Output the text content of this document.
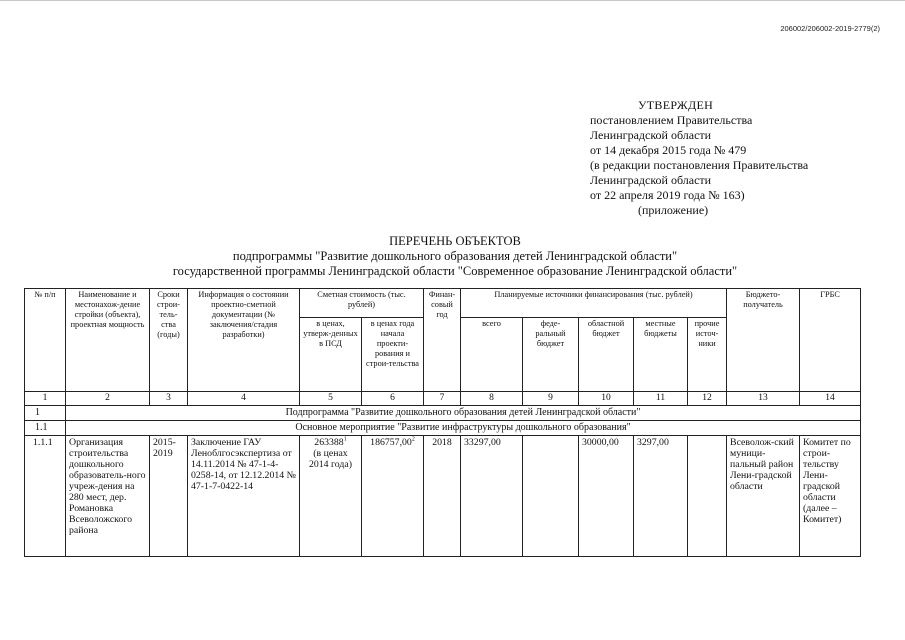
206002/206002-2019-2779(2)
УТВЕРЖДЕН
постановлением Правительства
Ленинградской области
от 14 декабря 2015 года № 479
(в редакции постановления Правительства
Ленинградской области
от 22 апреля 2019 года № 163)
(приложение)
ПЕРЕЧЕНЬ ОБЪЕКТОВ
подпрограммы "Развитие дошкольного образования детей Ленинградской области"
государственной программы Ленинградской области "Современное образование Ленинградской области"
№ п/п	Наименование и местонахож-дение стройки (объекта), проектная мощность	Сроки строи-тель-ства (годы)	Информация о состоянии проектно-сметной документации (№ заключения/стадия разработки)	Сметная стоимость (тыс. рублей)		Финан-совый год	Планируемые источники финансирования (тыс. рублей)					Бюджето-получатель	ГРБС
				в ценах, утверж-денных в ПСД	в ценах года начала проекти-рования и строи-тельства		всего	феде-ральный бюджет	областной бюджет	местные бюджеты	прочие источ-ники		
1	2	3	4	5	6	7	8	9	10	11	12	13	14
1	Подпрограмма "Развитие дошкольного образования детей Ленинградской области"												
1.1	Основное мероприятие "Развитие инфраструктуры дошкольного образования"												
1.1.1	Организация строительства дошкольного образователь-ного учреж-дения на 280 мест, дер. Романовка Всеволожского района	2015-2019	Заключение ГАУ Леноблгосэкспертиза от 14.11.2014 № 47-1-4-0258-14, от 12.12.2014 № 47-1-7-0422-14	263388$^1$
(в ценах 2014 года)	186757,00$^2$	2018	33297,00		30000,00	3297,00		Всеволож-ский муници-пальный район Лени-градской области	Комитет по строи-тельству Лени-градской области (далее – Комитет)
